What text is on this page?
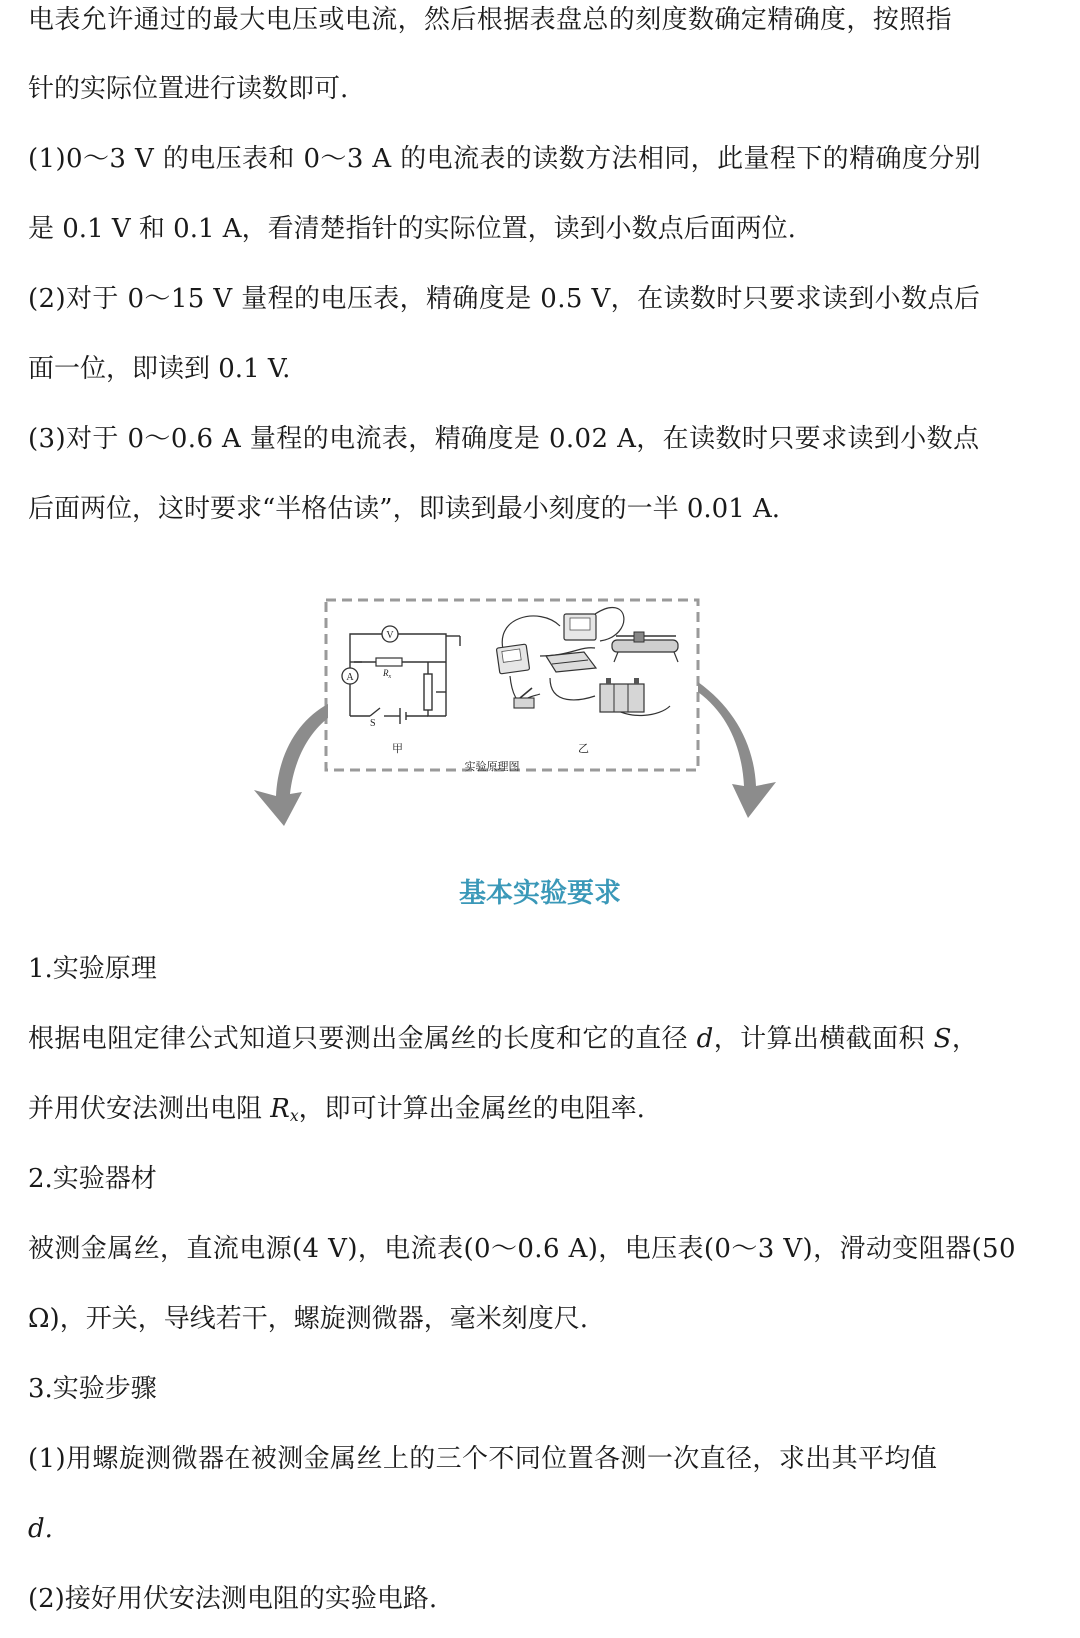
电表允许通过的最大电压或电流，然后根据表盘总的刻度数确定精确度，按照指

针的实际位置进行读数即可.

(1)0～3 V 的电压表和 0～3 A 的电流表的读数方法相同，此量程下的精确度分别

是 0.1 V 和 0.1 A，看清楚指针的实际位置，读到小数点后面两位.

(2)对于 0～15 V 量程的电压表，精确度是 0.5 V，在读数时只要求读到小数点后

面一位，即读到 0.1 V.

(3)对于 0～0.6 A 量程的电流表，精确度是 0.02 A，在读数时只要求读到小数点

后面两位，这时要求“半格估读”，即读到最小刻度的一半 0.01 A.

V
A	$R_x$
S
甲	乙
实验原理图
基本实验要求

1.实验原理

根据电阻定律公式知道只要测出金属丝的长度和它的直径 d，计算出横截面积 S，

并用伏安法测出电阻 $R_x$，即可计算出金属丝的电阻率.

2.实验器材

被测金属丝，直流电源(4 V)，电流表(0～0.6 A)，电压表(0～3 V)，滑动变阻器(50

Ω)，开关，导线若干，螺旋测微器，毫米刻度尺.

3.实验步骤

(1)用螺旋测微器在被测金属丝上的三个不同位置各测一次直径，求出其平均值

d.

(2)接好用伏安法测电阻的实验电路.
